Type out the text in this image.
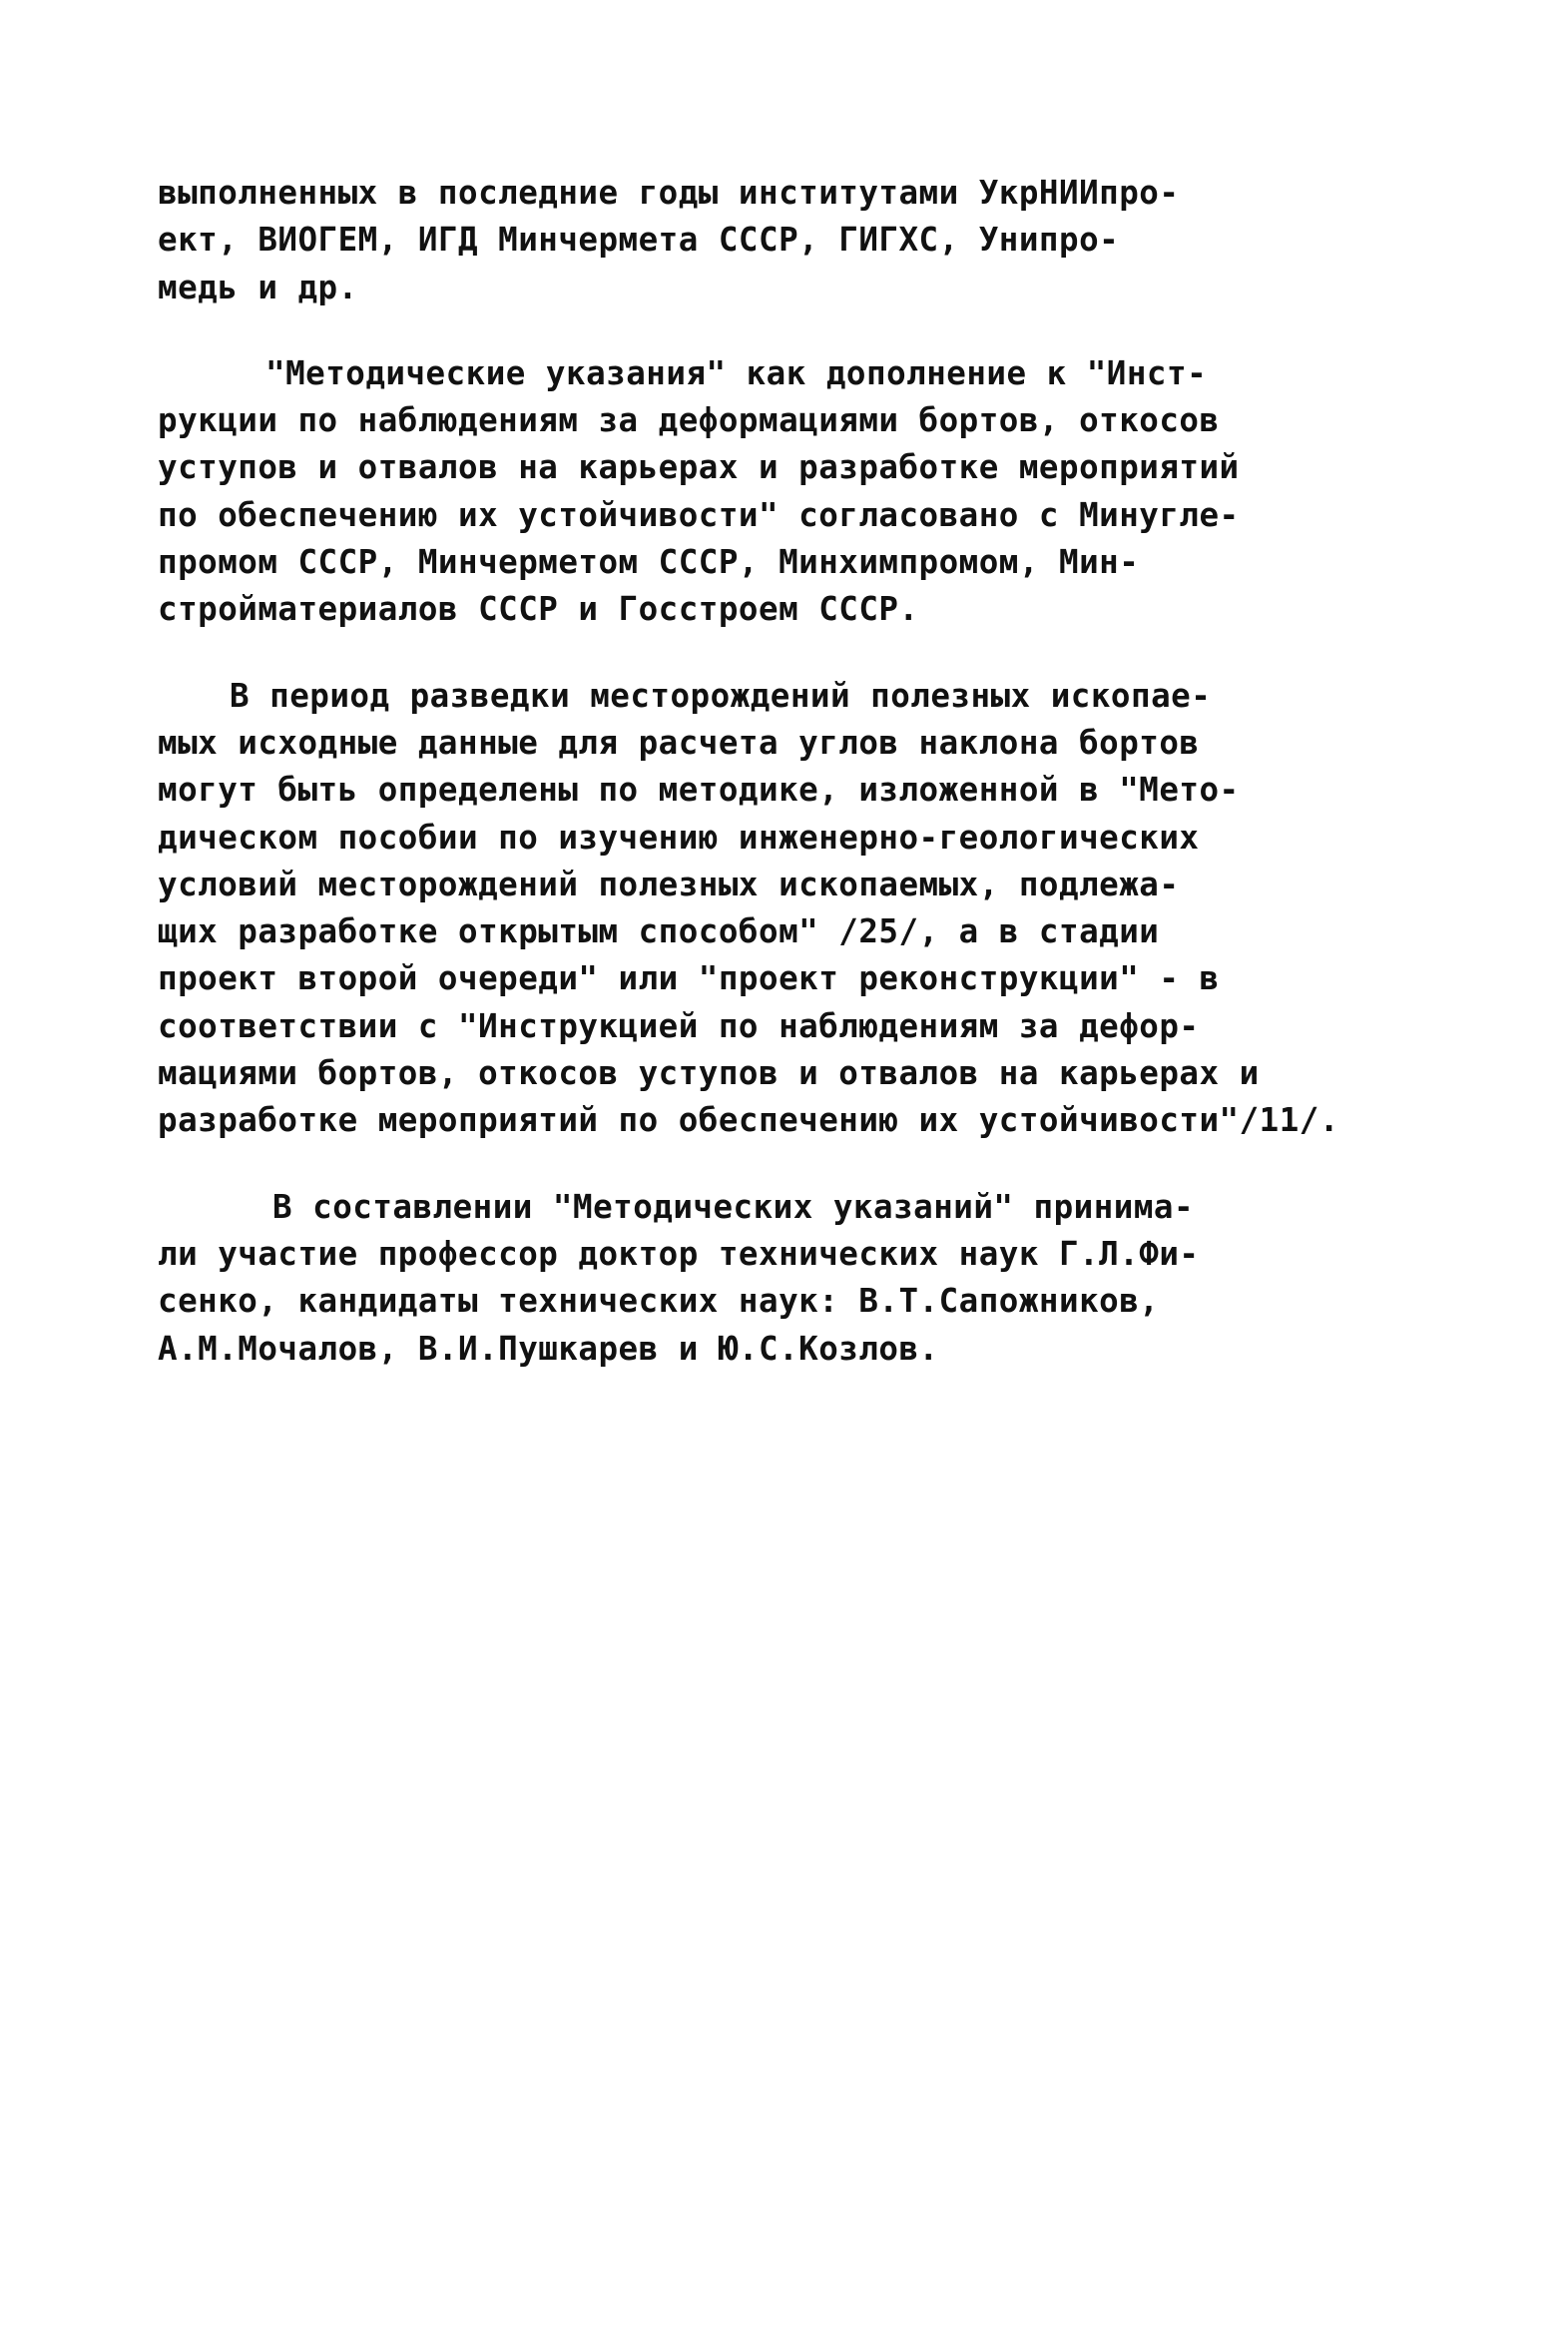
выполненных в последние годы институтами УкрНИИпро-
ект, ВИОГЕМ, ИГД Минчермета СССР, ГИГХС, Унипро-
медь и др.

"Методические указания" как дополнение к "Инст-
рукции по наблюдениям за деформациями бортов, откосов
уступов и отвалов на карьерах и разработке мероприятий
по обеспечению их устойчивости" согласовано с Минугле-
промом СССР, Минчерметом СССР, Минхимпромом, Мин-
стройматериалов СССР и Госстроем СССР.

В период разведки месторождений полезных ископае-
мых исходные данные для расчета углов наклона бортов
могут быть определены по методике, изложенной в "Мето-
дическом пособии по изучению инженерно-геологических
условий месторождений полезных ископаемых, подлежа-
щих разработке открытым способом" /25/, а в стадии
проект второй очереди" или "проект реконструкции" - в
соответствии с "Инструкцией по наблюдениям за дефор-
мациями бортов, откосов уступов и отвалов на карьерах и
разработке мероприятий по обеспечению их устойчивости"/11/.

В составлении "Методических указаний" принима-
ли участие профессор доктор технических наук Г.Л.Фи-
сенко, кандидаты технических наук: В.Т.Сапожников,
А.М.Мочалов, В.И.Пушкарев и Ю.С.Козлов.
